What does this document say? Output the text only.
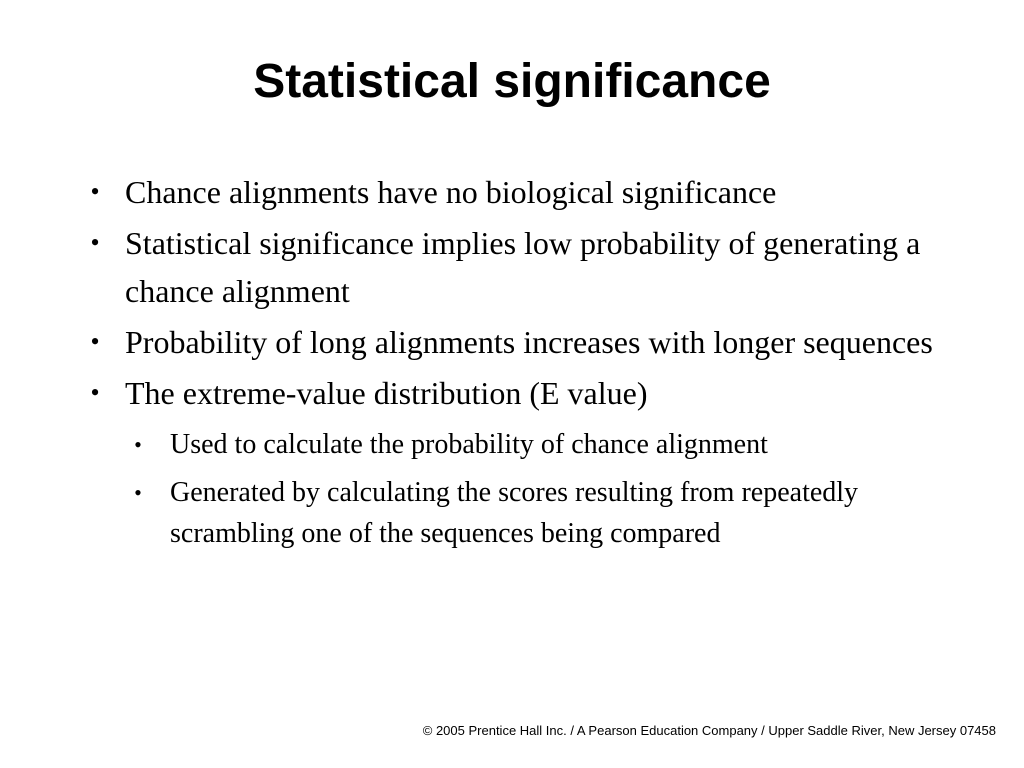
Statistical significance
• Chance alignments have no biological significance
• Statistical significance implies low probability of generating a chance alignment
• Probability of long alignments increases with longer sequences
• The extreme-value distribution (E value)
• Used to calculate the probability of chance alignment
• Generated by calculating the scores resulting from repeatedly scrambling one of the sequences being compared
© 2005 Prentice Hall Inc. / A Pearson Education Company / Upper Saddle River, New Jersey 07458
